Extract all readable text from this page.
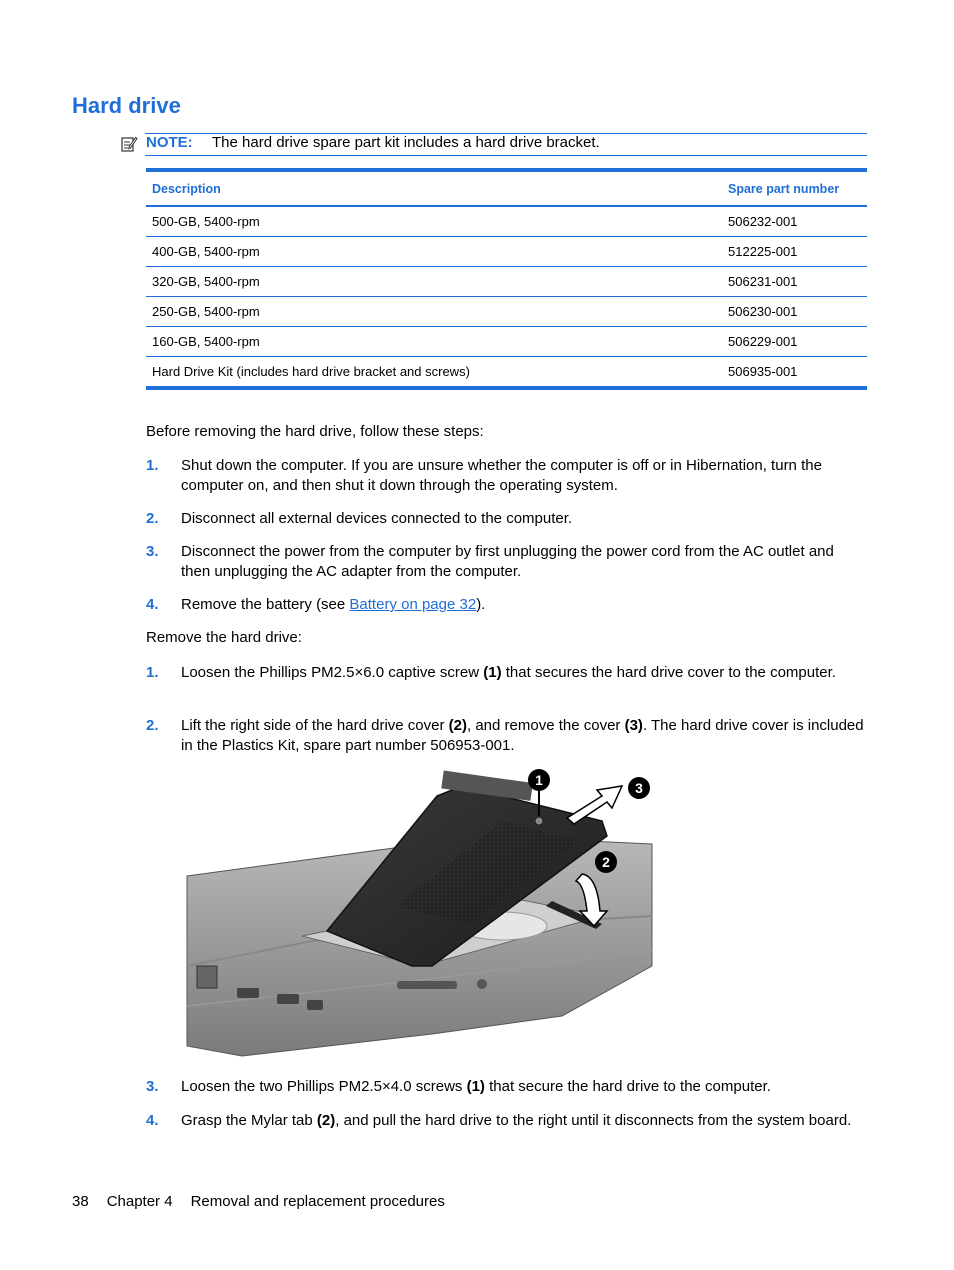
Hard drive
NOTE: The hard drive spare part kit includes a hard drive bracket.
Description	Spare part number
500-GB, 5400-rpm	506232-001
400-GB, 5400-rpm	512225-001
320-GB, 5400-rpm	506231-001
250-GB, 5400-rpm	506230-001
160-GB, 5400-rpm	506229-001
Hard Drive Kit (includes hard drive bracket and screws)	506935-001
Before removing the hard drive, follow these steps:
1. Shut down the computer. If you are unsure whether the computer is off or in Hibernation, turn the computer on, and then shut it down through the operating system.
2. Disconnect all external devices connected to the computer.
3. Disconnect the power from the computer by first unplugging the power cord from the AC outlet and then unplugging the AC adapter from the computer.
4. Remove the battery (see Battery on page 32).
Remove the hard drive:
1. Loosen the Phillips PM2.5×6.0 captive screw (1) that secures the hard drive cover to the computer.
2. Lift the right side of the hard drive cover (2), and remove the cover (3). The hard drive cover is included in the Plastics Kit, spare part number 506953-001.
1	3
2
3. Loosen the two Phillips PM2.5×4.0 screws (1) that secure the hard drive to the computer.
4. Grasp the Mylar tab (2), and pull the hard drive to the right until it disconnects from the system board.
38 Chapter 4 Removal and replacement procedures
